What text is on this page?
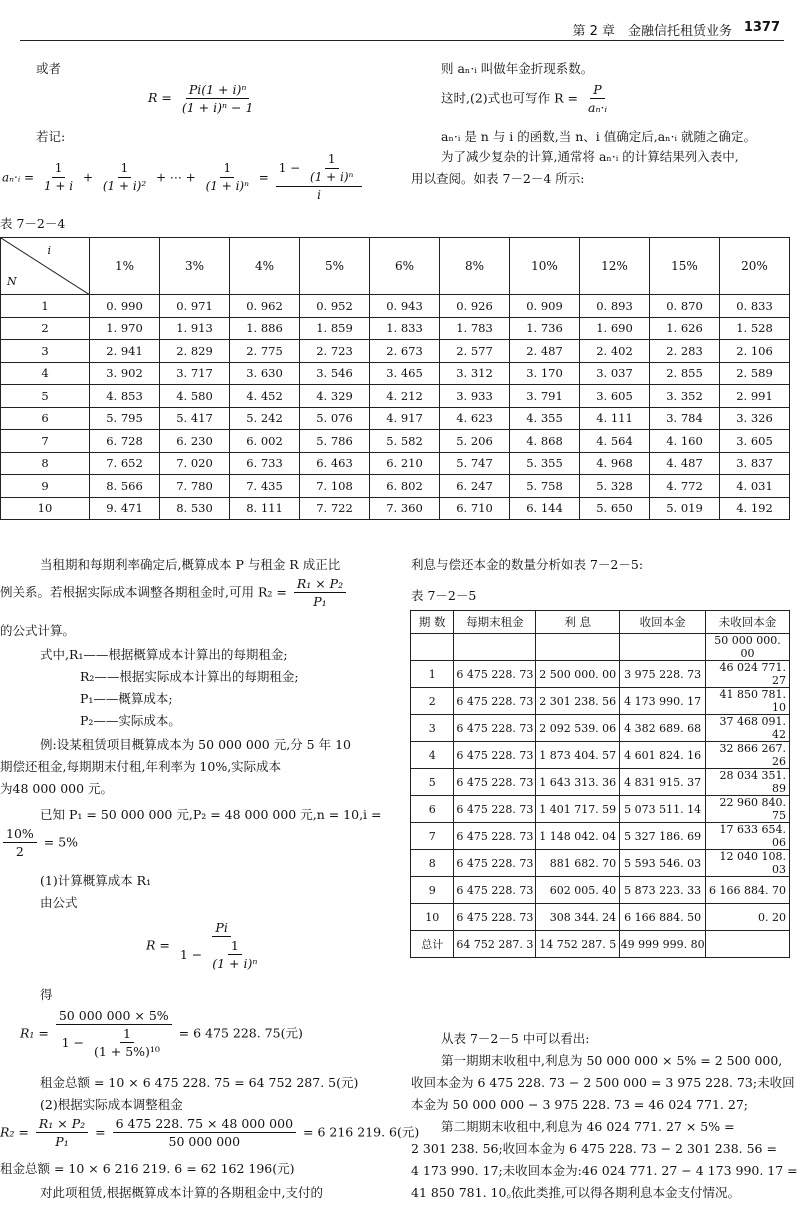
第 2 章　金融信托租赁业务 1377
或者
$R = \frac{\text{Pi(1 + i)ⁿ}}{\text{(1 + i)ⁿ − 1}}$
若记:
aₙ·ᵢ = $\frac{1}{1 + i} + \frac{1}{\text{(1 + i)²}}$ + ⋯ + $\frac{1}{\text{(1 + i)ⁿ}} = \frac{1 - \frac{1}{\text{(1 + i)ⁿ}}}{i}$
则 aₙ·ᵢ 叫做年金折现系数。
这时,(2)式也可写作 $R = \frac{P}{\text{aₙ·ᵢ}}$
aₙ·ᵢ 是 n 与 i 的函数,当 n、i 值确定后,aₙ·ᵢ 就随之确定。
为了减少复杂的计算,通常将 aₙ·ᵢ 的计算结果列入表中,
用以查阅。如表 7－2－4 所示:
表 7－2－4
i
N	1%	3%	4%	5%	6%	8%	10%	12%	15%	20%
1	0. 990	0. 971	0. 962	0. 952	0. 943	0. 926	0. 909	0. 893	0. 870	0. 833
2	1. 970	1. 913	1. 886	1. 859	1. 833	1. 783	1. 736	1. 690	1. 626	1. 528
3	2. 941	2. 829	2. 775	2. 723	2. 673	2. 577	2. 487	2. 402	2. 283	2. 106
4	3. 902	3. 717	3. 630	3. 546	3. 465	3. 312	3. 170	3. 037	2. 855	2. 589
5	4. 853	4. 580	4. 452	4. 329	4. 212	3. 933	3. 791	3. 605	3. 352	2. 991
6	5. 795	5. 417	5. 242	5. 076	4. 917	4. 623	4. 355	4. 111	3. 784	3. 326
7	6. 728	6. 230	6. 002	5. 786	5. 582	5. 206	4. 868	4. 564	4. 160	3. 605
8	7. 652	7. 020	6. 733	6. 463	6. 210	5. 747	5. 355	4. 968	4. 487	3. 837
9	8. 566	7. 780	7. 435	7. 108	6. 802	6. 247	5. 758	5. 328	4. 772	4. 031
10	9. 471	8. 530	8. 111	7. 722	7. 360	6. 710	6. 144	5. 650	5. 019	4. 192
当租期和每期利率确定后,概算成本 P 与租金 R 成正比
例关系。若根据实际成本调整各期租金时,可用 $R_2 = \frac{\text{R₁ × P₂}}{\text{P₁}}$
的公式计算。
式中,R₁——根据概算成本计算出的每期租金;
R₂——根据实际成本计算出的每期租金;
P₁——概算成本;
P₂——实际成本。
例:设某租赁项目概算成本为 50 000 000 元,分 5 年 10
期偿还租金,每期期末付租,年利率为 10%,实际成本
为48 000 000 元。
已知 P₁ = 50 000 000 元,P₂ = 48 000 000 元,n = 10,i =
$\frac{10\%}{2} = 5\%$
(1)计算概算成本 R₁
由公式
$R = \frac{Pi}{1 - \frac{1}{\text{(1 + i)ⁿ}}}$
得
$R_1 = \frac{50 000 000 \times 5\%}{1 - \frac{1}{\text{(1 + 5\%)¹⁰}}} = 6$ 475 228. 75(元)
租金总额 = 10 × 6 475 228. 75 = 64 752 287. 5(元)
(2)根据实际成本调整租金
$R_2 = \frac{\text{R₁ × P₂}}{\text{P₁}} = \frac{6 475 228. 75 \times 48 000 000}{50 000 000} = 6$ 216 219. 6(元)
租金总额 = 10 × 6 216 219. 6 = 62 162 196(元)
对此项租赁,根据概算成本计算的各期租金中,支付的
利息与偿还本金的数量分析如表 7－2－5:
表 7－2－5
期 数	每期末租金	利 息	收回本金	未收回本金
				50 000 000. 00
1	6 475 228. 73	2 500 000. 00	3 975 228. 73	46 024 771. 27
2	6 475 228. 73	2 301 238. 56	4 173 990. 17	41 850 781. 10
3	6 475 228. 73	2 092 539. 06	4 382 689. 68	37 468 091. 42
4	6 475 228. 73	1 873 404. 57	4 601 824. 16	32 866 267. 26
5	6 475 228. 73	1 643 313. 36	4 831 915. 37	28 034 351. 89
6	6 475 228. 73	1 401 717. 59	5 073 511. 14	22 960 840. 75
7	6 475 228. 73	1 148 042. 04	5 327 186. 69	17 633 654. 06
8	6 475 228. 73	881 682. 70	5 593 546. 03	12 040 108. 03
9	6 475 228. 73	602 005. 40	5 873 223. 33	6 166 884. 70
10	6 475 228. 73	308 344. 24	6 166 884. 50	0. 20
总计	64 752 287. 3	14 752 287. 5	49 999 999. 80	
从表 7－2－5 中可以看出:
第一期期末收租中,利息为 50 000 000 × 5% = 2 500 000,
收回本金为 6 475 228. 73 − 2 500 000 = 3 975 228. 73;未收回
本金为 50 000 000 − 3 975 228. 73 = 46 024 771. 27;
第二期期末收租中,利息为 46 024 771. 27 × 5% =
2 301 238. 56;收回本金为 6 475 228. 73 − 2 301 238. 56 =
4 173 990. 17;未收回本金为:46 024 771. 27 − 4 173 990. 17 =
41 850 781. 10。
依此类推,可以得各期利息本金支付情况。
